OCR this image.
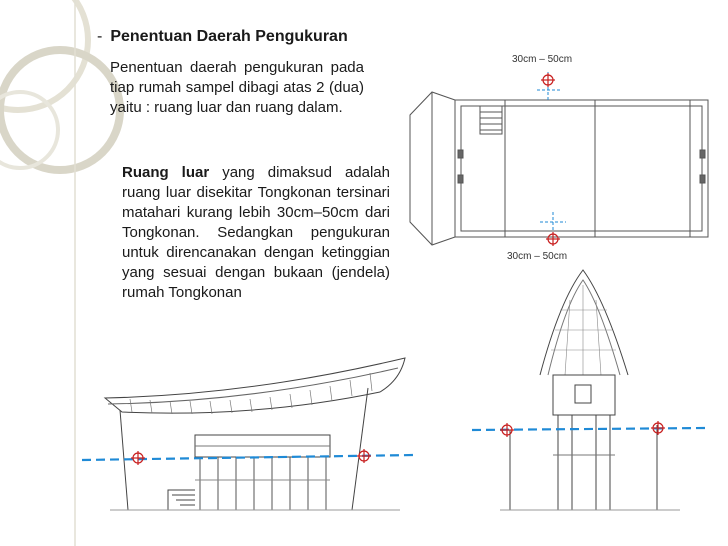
- Penentuan Daerah Pengukuran
Penentuan daerah pengukuran pada tiap rumah sampel dibagi atas 2 (dua) yaitu : ruang luar dan ruang dalam.
Ruang luar yang dimaksud adalah ruang luar disekitar Tongkonan tersinari matahari kurang lebih 30cm–50cm dari Tongkonan. Sedangkan pengukuran untuk direncanakan dengan ketinggian yang sesuai dengan bukaan (jendela) rumah Tongkonan
30cm – 50cm
30cm – 50cm
